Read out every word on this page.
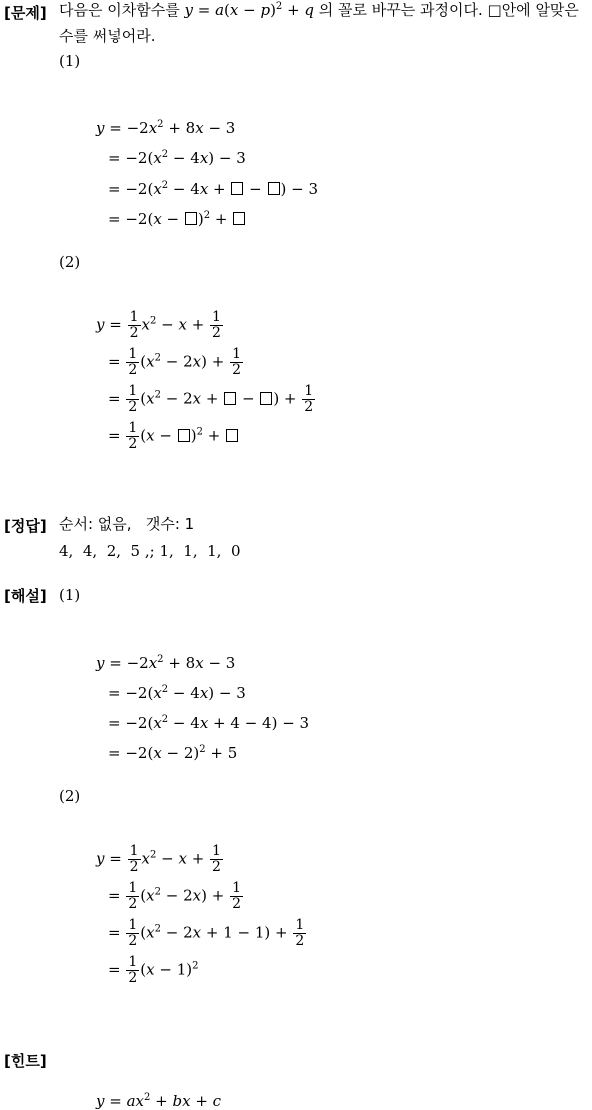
[문제] 다음은 이차함수를 $y = a(x - p)^2 + q$ 의 꼴로 바꾸는 과정이다. □안에 알맞은
수를 써넣어라.
(1)
$y = -2x^2 + 8x - 3$
= $-2(x^2 - 4x) - 3$
= $-2(x^2 - 4x$ +  − ) − 3
= $-2(x - )^2$ +
(2)
$y = \frac{1}{2} x^2 - x + \frac{1}{2}$
= $\frac{1}{2} (x^2 - 2x) + \frac{1}{2}$
= $\frac{1}{2} (x^2 - 2x$ +  − ) + $\frac{1}{2}$
= $\frac{1}{2} (x - )^2$ +
[정답] 순서: 없음,   갯수: 1
4,  4,  2,  5 ,; 1,  1,  1,  0
[해설] (1)
$y = -2x^2 + 8x - 3$
= $-2(x^2 - 4x) - 3$
= $-2(x^2 - 4x + 4 - 4) - 3$
= $-2(x - 2)^2 + 5$
(2)
$y = \frac{1}{2} x^2 - x + \frac{1}{2}$
= $\frac{1}{2} (x^2 - 2x) + \frac{1}{2}$
= $\frac{1}{2} (x^2 - 2x + 1 - 1) + \frac{1}{2}$
= $\frac{1}{2} (x - 1)^2$
[힌트]
$y = ax^2$ + bx + c
